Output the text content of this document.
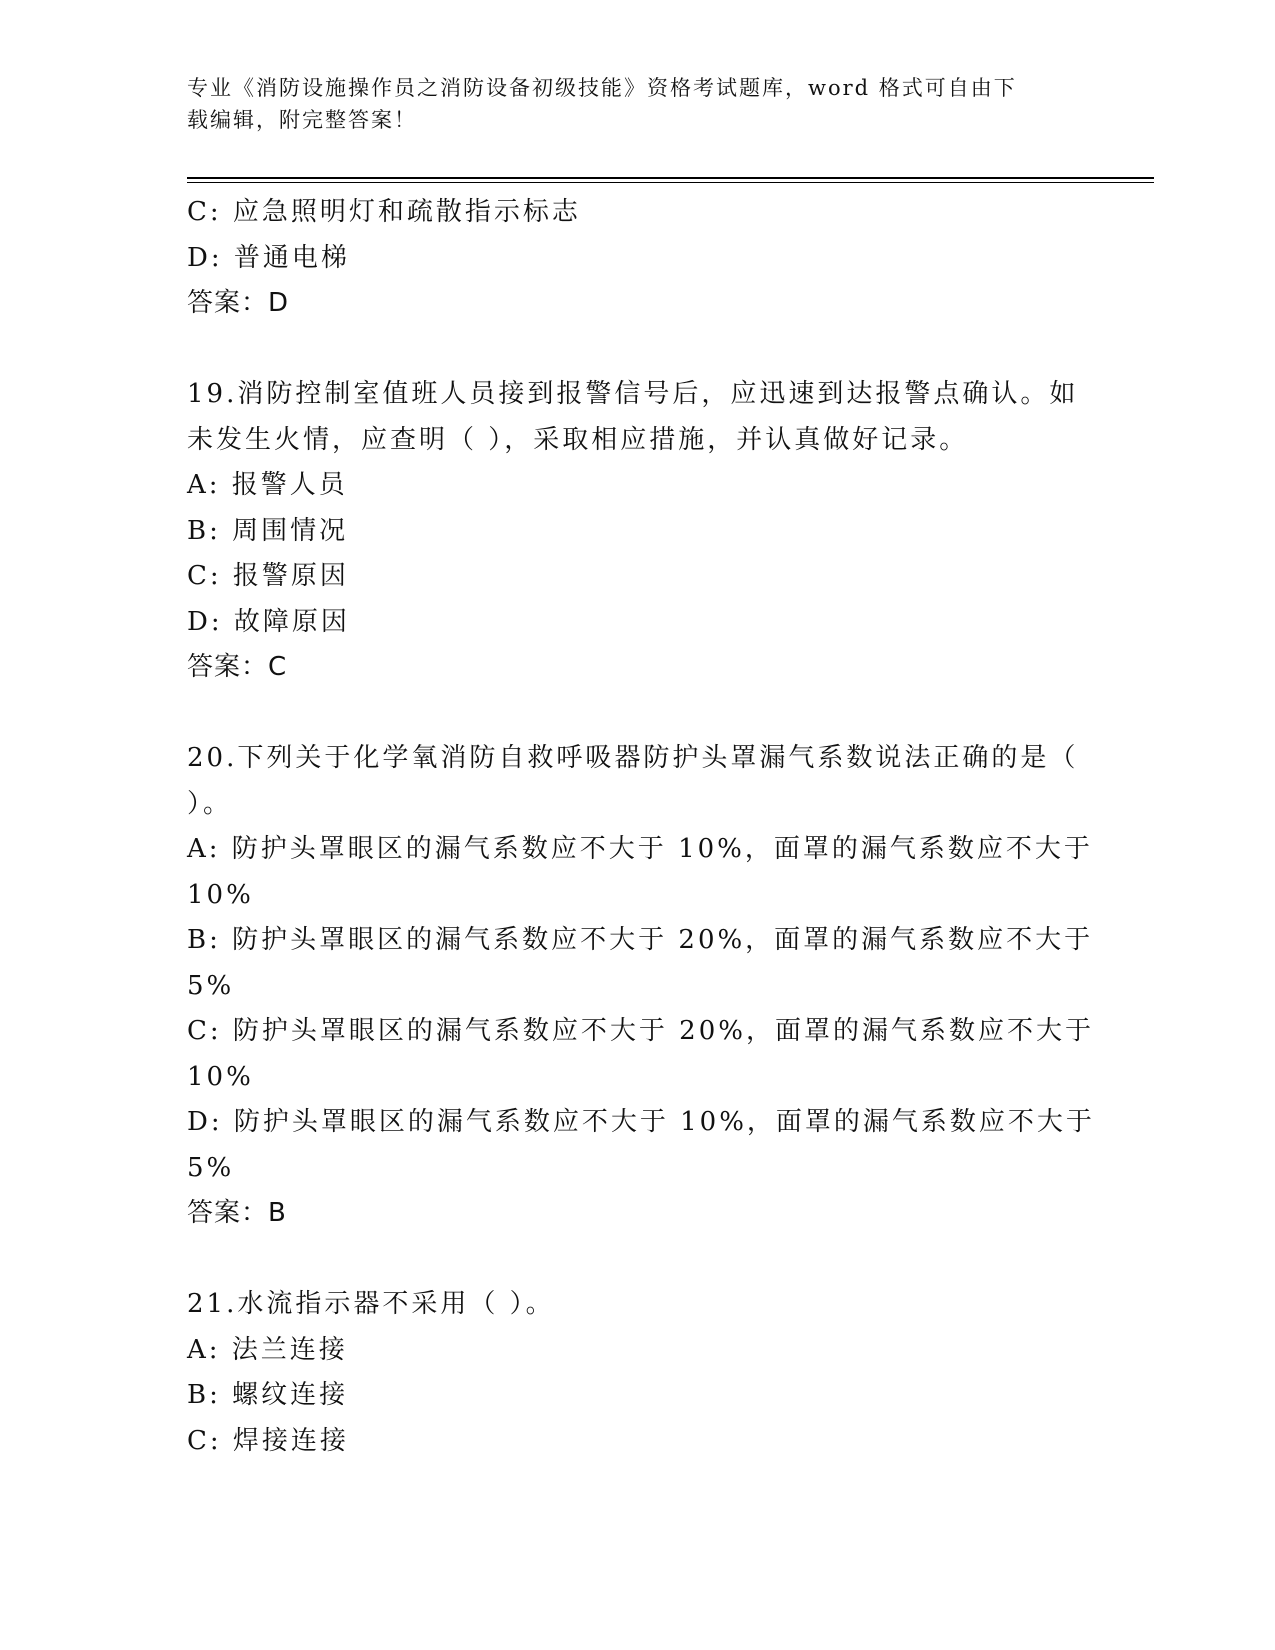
专业《消防设施操作员之消防设备初级技能》资格考试题库，word 格式可自由下
载编辑，附完整答案！
C: 应急照明灯和疏散指示标志
D: 普通电梯
答案：D
19.消防控制室值班人员接到报警信号后，应迅速到达报警点确认。如
未发生火情，应查明（ ），采取相应措施，并认真做好记录。
A: 报警人员
B: 周围情况
C: 报警原因
D: 故障原因
答案：C
20.下列关于化学氧消防自救呼吸器防护头罩漏气系数说法正确的是（
）。
A: 防护头罩眼区的漏气系数应不大于 10%，面罩的漏气系数应不大于
10%
B: 防护头罩眼区的漏气系数应不大于 20%，面罩的漏气系数应不大于
5%
C: 防护头罩眼区的漏气系数应不大于 20%，面罩的漏气系数应不大于
10%
D: 防护头罩眼区的漏气系数应不大于 10%，面罩的漏气系数应不大于
5%
答案：B
21.水流指示器不采用（ ）。
A: 法兰连接
B: 螺纹连接
C: 焊接连接
